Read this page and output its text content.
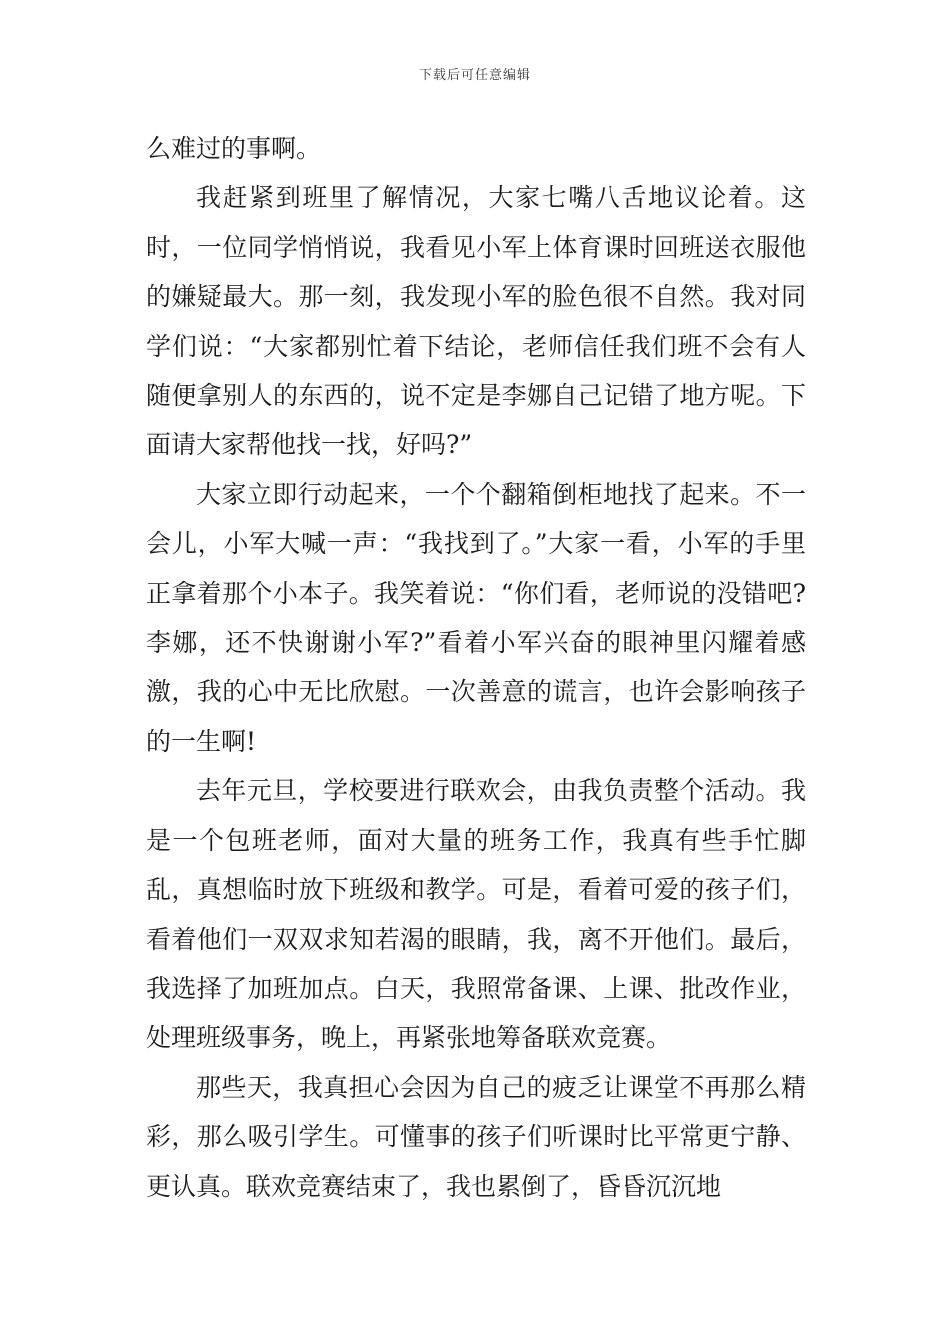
下载后可任意编辑

么难过的事啊。

我赶紧到班里了解情况，大家七嘴八舌地议论着。这时，一位同学悄悄说，我看见小军上体育课时回班送衣服他的嫌疑最大。那一刻，我发现小军的脸色很不自然。我对同学们说：“大家都别忙着下结论，老师信任我们班不会有人随便拿别人的东西的，说不定是李娜自己记错了地方呢。下面请大家帮他找一找，好吗?”

大家立即行动起来，一个个翻箱倒柜地找了起来。不一会儿，小军大喊一声：“我找到了。”大家一看，小军的手里正拿着那个小本子。我笑着说：“你们看，老师说的没错吧?李娜，还不快谢谢小军?”看着小军兴奋的眼神里闪耀着感激，我的心中无比欣慰。一次善意的谎言，也许会影响孩子的一生啊!

去年元旦，学校要进行联欢会，由我负责整个活动。我是一个包班老师，面对大量的班务工作，我真有些手忙脚乱，真想临时放下班级和教学。可是，看着可爱的孩子们，看着他们一双双求知若渴的眼睛，我，离不开他们。最后，我选择了加班加点。白天，我照常备课、上课、批改作业，处理班级事务，晚上，再紧张地筹备联欢竞赛。

那些天，我真担心会因为自己的疲乏让课堂不再那么精彩，那么吸引学生。可懂事的孩子们听课时比平常更宁静、更认真。联欢竞赛结束了，我也累倒了，昏昏沉沉地
